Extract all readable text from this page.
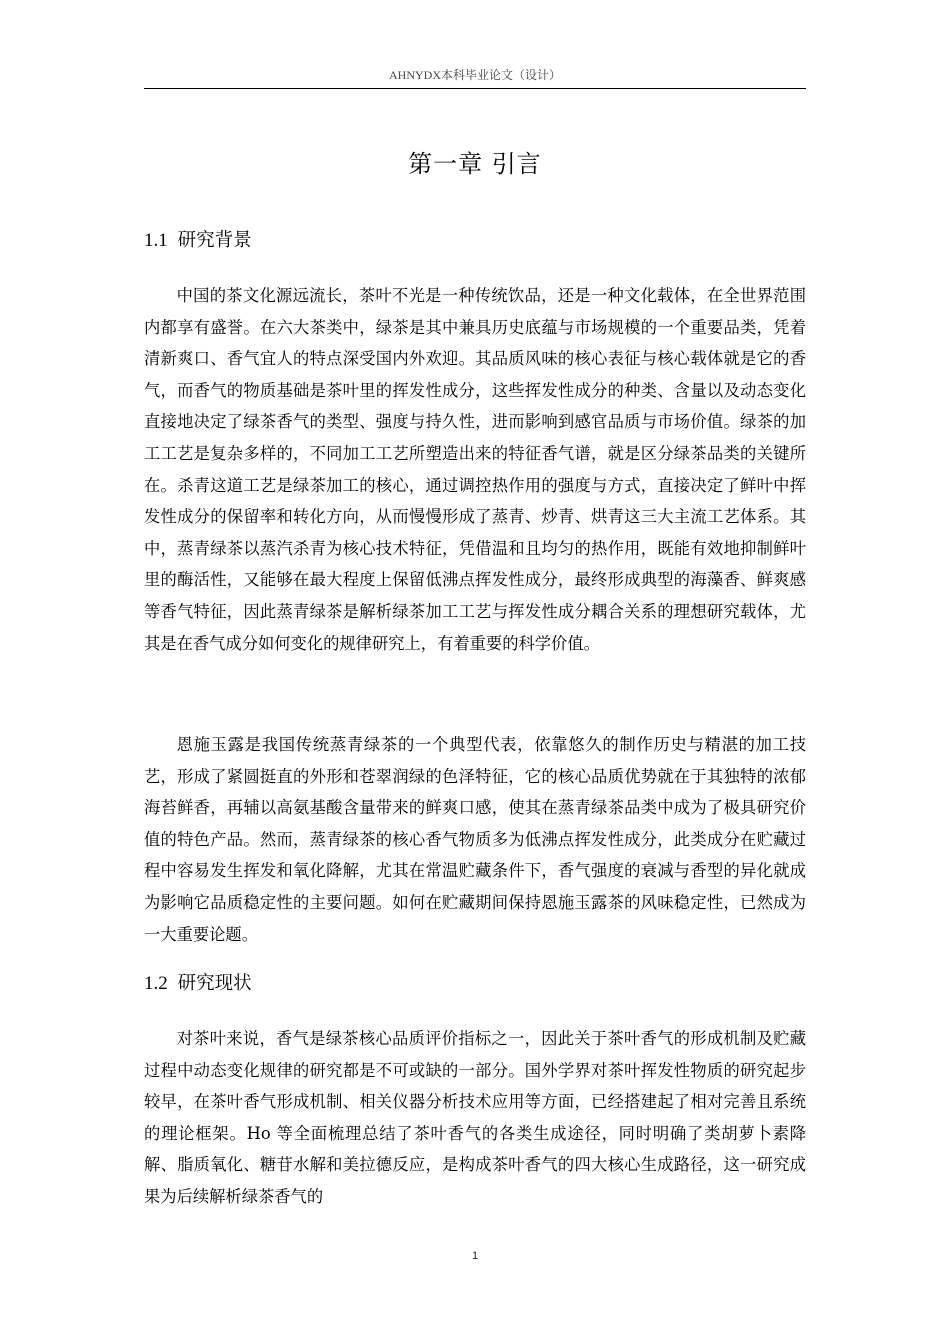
AHNYDX本科毕业论文（设计）
第一章 引言
1.1 研究背景

中国的茶文化源远流长，茶叶不光是一种传统饮品，还是一种文化载体，在全世界范围内都享有盛誉。在六大茶类中，绿茶是其中兼具历史底蕴与市场规模的一个重要品类，凭着清新爽口、香气宜人的特点深受国内外欢迎。其品质风味的核心表征与核心载体就是它的香气，而香气的物质基础是茶叶里的挥发性成分，这些挥发性成分的种类、含量以及动态变化直接地决定了绿茶香气的类型、强度与持久性，进而影响到感官品质与市场价值。绿茶的加工工艺是复杂多样的，不同加工工艺所塑造出来的特征香气谱，就是区分绿茶品类的关键所在。杀青这道工艺是绿茶加工的核心，通过调控热作用的强度与方式，直接决定了鲜叶中挥发性成分的保留率和转化方向，从而慢慢形成了蒸青、炒青、烘青这三大主流工艺体系。其中，蒸青绿茶以蒸汽杀青为核心技术特征，凭借温和且均匀的热作用，既能有效地抑制鲜叶里的酶活性，又能够在最大程度上保留低沸点挥发性成分，最终形成典型的海藻香、鲜爽感等香气特征，因此蒸青绿茶是解析绿茶加工工艺与挥发性成分耦合关系的理想研究载体，尤其是在香气成分如何变化的规律研究上，有着重要的科学价值。

恩施玉露是我国传统蒸青绿茶的一个典型代表，依靠悠久的制作历史与精湛的加工技艺，形成了紧圆挺直的外形和苍翠润绿的色泽特征，它的核心品质优势就在于其独特的浓郁海苔鲜香，再辅以高氨基酸含量带来的鲜爽口感，使其在蒸青绿茶品类中成为了极具研究价值的特色产品。然而，蒸青绿茶的核心香气物质多为低沸点挥发性成分，此类成分在贮藏过程中容易发生挥发和氧化降解，尤其在常温贮藏条件下，香气强度的衰减与香型的异化就成为影响它品质稳定性的主要问题。如何在贮藏期间保持恩施玉露茶的风味稳定性，已然成为一大重要论题。

1.2 研究现状

对茶叶来说，香气是绿茶核心品质评价指标之一，因此关于茶叶香气的形成机制及贮藏过程中动态变化规律的研究都是不可或缺的一部分。国外学界对茶叶挥发性物质的研究起步较早，在茶叶香气形成机制、相关仪器分析技术应用等方面，已经搭建起了相对完善且系统的理论框架。Ho 等全面梳理总结了茶叶香气的各类生成途径，同时明确了类胡萝卜素降解、脂质氧化、糖苷水解和美拉德反应，是构成茶叶香气的四大核心生成路径，这一研究成果为后续解析绿茶香气的

1
